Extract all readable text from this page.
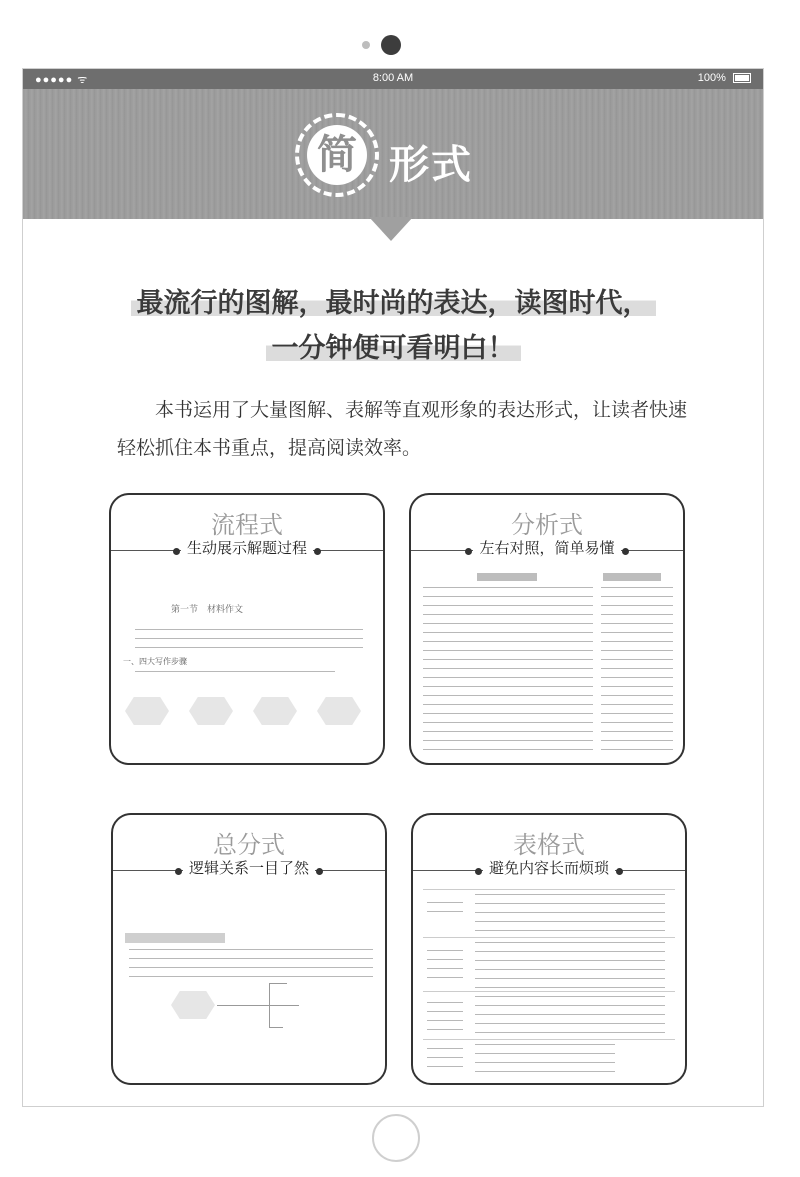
●●●●● ᯤ	8:00 AM	100%
简 形式
最流行的图解，最时尚的表达，读图时代，
一分钟便可看明白！
本书运用了大量图解、表解等直观形象的表达形式，让读者快速轻松抓住本书重点，提高阅读效率。
流程式
生动展示解题过程
第一节　材料作文
一、四大写作步骤
分析式
左右对照，简单易懂
总分式
逻辑关系一目了然
表格式
避免内容长而烦琐
